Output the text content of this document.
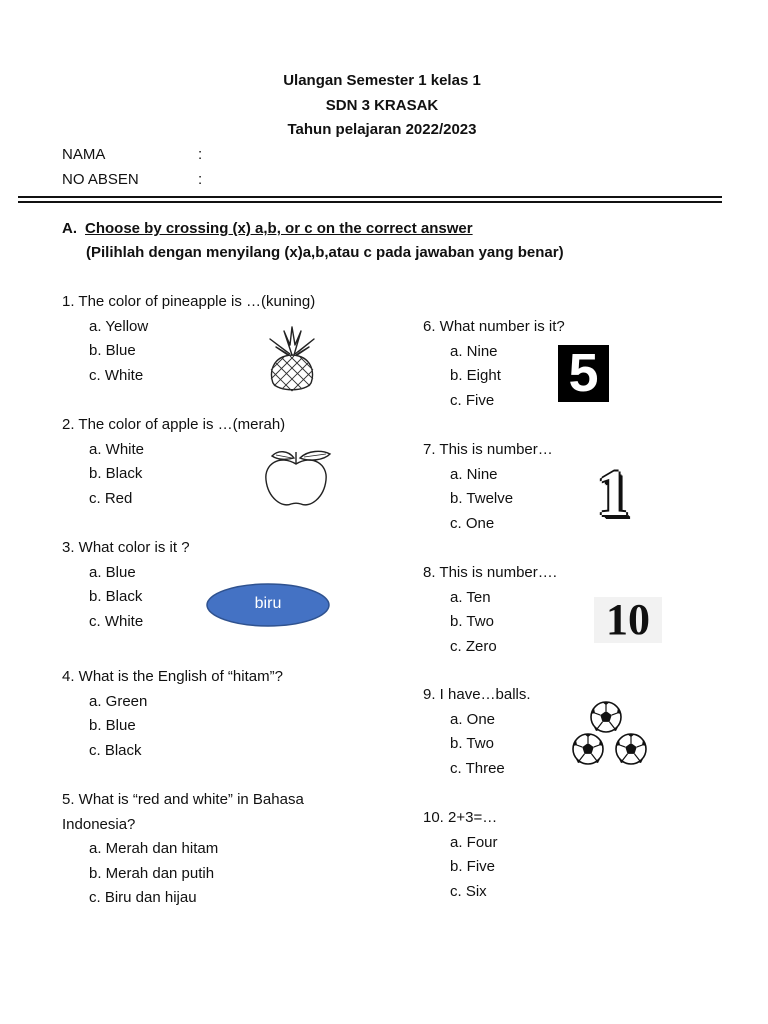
Ulangan Semester 1 kelas 1
SDN 3 KRASAK
Tahun pelajaran 2022/2023
NAMA	:
NO ABSEN	:
A. Choose by crossing (x) a,b, or c on the correct answer
(Pilihlah dengan menyilang (x)a,b,atau c pada jawaban yang benar)
1. The color of pineapple is …(kuning)
a. Yellow
b. Blue
c. White
2. The color of apple is …(merah)
a. White
b. Black
c. Red
3. What color is it ?
a. Blue
b. Black
c. White
4. What is the English of “hitam”?
a. Green
b. Blue
c. Black
5. What is “red and white” in Bahasa
Indonesia?
a. Merah dan hitam
b. Merah dan putih
c. Biru dan hijau
6. What number is it?
a. Nine
b. Eight
c. Five
7. This is number…
a. Nine
b. Twelve
c. One
8. This is number….
a. Ten
b. Two
c. Zero
9. I have…balls.
a. One
b. Two
c. Three
10. 2+3=…
a. Four
b. Five
c. Six
biru
5
1
10
